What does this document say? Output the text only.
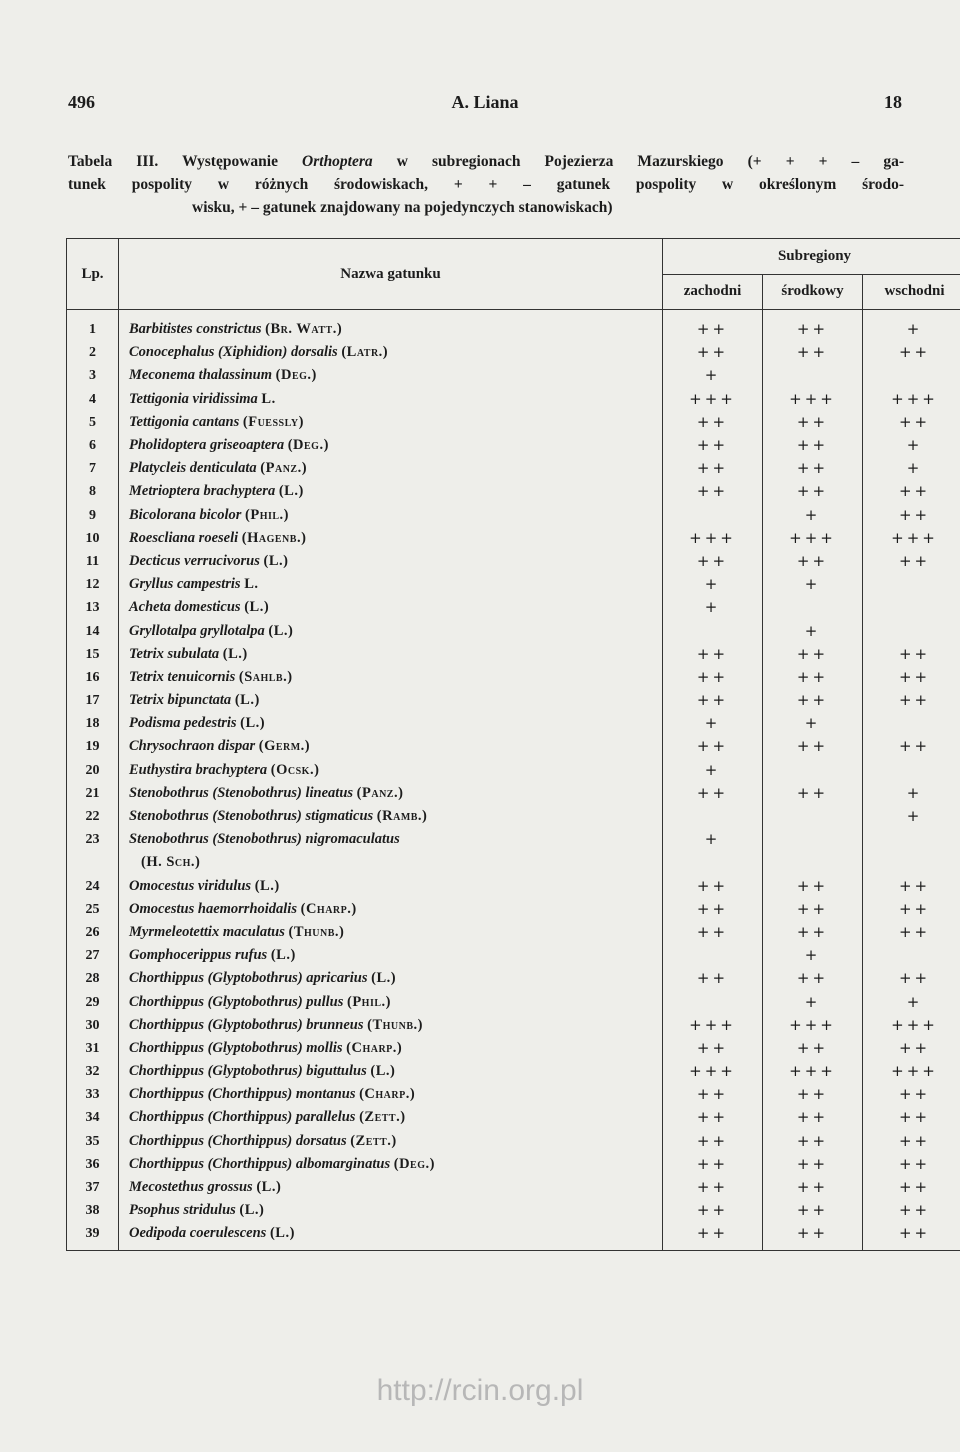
496	A. Liana	18
Tabela III. Występowanie Orthoptera w subregionach Pojezierza Mazurskiego (+ + + – ga-
tunek pospolity w różnych środowiskach, + + – gatunek pospolity w określonym środo-
wisku, + – gatunek znajdowany na pojedynczych stanowiskach)
Lp.	Nazwa gatunku	Subregiony		
		zachodni	środkowy	wschodni
1	Barbitistes constrictus (Br. Watt.)	++	++	+
2	Conocephalus (Xiphidion) dorsalis (Latr.)	++	++	++
3	Meconema thalassinum (Deg.)	+		
4	Tettigonia viridissima L.	+++	+++	+++
5	Tettigonia cantans (Fuessly)	++	++	++
6	Pholidoptera griseoaptera (Deg.)	++	++	+
7	Platycleis denticulata (Panz.)	++	++	+
8	Metrioptera brachyptera (L.)	++	++	++
9	Bicolorana bicolor (Phil.)		+	++
10	Roescliana roeseli (Hagenb.)	+++	+++	+++
11	Decticus verrucivorus (L.)	++	++	++
12	Gryllus campestris L.	+	+	
13	Acheta domesticus (L.)	+		
14	Gryllotalpa gryllotalpa (L.)		+	
15	Tetrix subulata (L.)	++	++	++
16	Tetrix tenuicornis (Sahlb.)	++	++	++
17	Tetrix bipunctata (L.)	++	++	++
18	Podisma pedestris (L.)	+	+	
19	Chrysochraon dispar (Germ.)	++	++	++
20	Euthystira brachyptera (Ocsk.)	+		
21	Stenobothrus (Stenobothrus) lineatus (Panz.)	++	++	+
22	Stenobothrus (Stenobothrus) stigmaticus (Ramb.)			+
23	Stenobothrus (Stenobothrus) nigromaculatus	+		
	(H. Sch.)			
24	Omocestus viridulus (L.)	++	++	++
25	Omocestus haemorrhoidalis (Charp.)	++	++	++
26	Myrmeleotettix maculatus (Thunb.)	++	++	++
27	Gomphocerippus rufus (L.)		+	
28	Chorthippus (Glyptobothrus) apricarius (L.)	++	++	++
29	Chorthippus (Glyptobothrus) pullus (Phil.)		+	+
30	Chorthippus (Glyptobothrus) brunneus (Thunb.)	+++	+++	+++
31	Chorthippus (Glyptobothrus) mollis (Charp.)	++	++	++
32	Chorthippus (Glyptobothrus) biguttulus (L.)	+++	+++	+++
33	Chorthippus (Chorthippus) montanus (Charp.)	++	++	++
34	Chorthippus (Chorthippus) parallelus (Zett.)	++	++	++
35	Chorthippus (Chorthippus) dorsatus (Zett.)	++	++	++
36	Chorthippus (Chorthippus) albomarginatus (Deg.)	++	++	++
37	Mecostethus grossus (L.)	++	++	++
38	Psophus stridulus (L.)	++	++	++
39	Oedipoda coerulescens (L.)	++	++	++
http://rcin.org.pl
